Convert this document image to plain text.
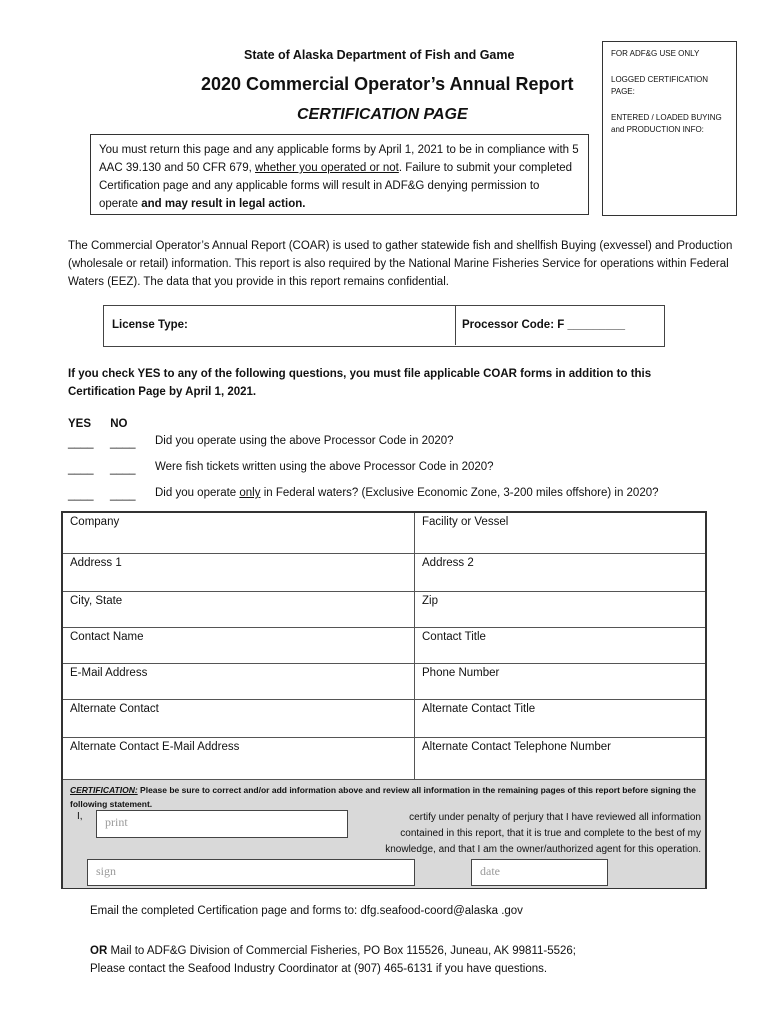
State of Alaska Department of Fish and Game
2020 Commercial Operator’s Annual Report
CERTIFICATION PAGE
FOR ADF&G USE ONLY
LOGGED CERTIFICATION PAGE:
ENTERED / LOADED BUYING and PRODUCTION INFO:
You must return this page and any applicable forms by April 1, 2021 to be in compliance with 5 AAC 39.130 and 50 CFR 679, whether you operated or not. Failure to submit your completed Certification page and any applicable forms will result in ADF&G denying permission to operate and may result in legal action.
The Commercial Operator’s Annual Report (COAR) is used to gather statewide fish and shellfish Buying (exvessel) and Production (wholesale or retail) information. This report is also required by the National Marine Fisheries Service for operations within Federal Waters (EEZ). The data that you provide in this report remains confidential.
License Type:	Processor Code: F _________
If you check YES to any of the following questions, you must file applicable COAR forms in addition to this Certification Page by April 1, 2021.
YES NO
____ ____ Did you operate using the above Processor Code in 2020?
____ ____ Were fish tickets written using the above Processor Code in 2020?
____ ____ Did you operate only in Federal waters? (Exclusive Economic Zone, 3-200 miles offshore) in 2020?
Company	Facility or Vessel
Address 1	Address 2
City, State	Zip
Contact Name	Contact Title
E-Mail Address	Phone Number
Alternate Contact	Alternate Contact Title
Alternate Contact E-Mail Address	Alternate Contact Telephone Number
CERTIFICATION: Please be sure to correct and/or add information above and review all information in the remaining pages of this report before signing the following statement.
I,	print	certify under penalty of perjury that I have reviewed all information
contained in this report, that it is true and complete to the best of my
knowledge, and that I am the owner/authorized agent for this operation.
sign	date
Email the completed Certification page and forms to: dfg.seafood-coord@alaska .gov
OR Mail to ADF&G Division of Commercial Fisheries, PO Box 115526, Juneau, AK 99811-5526;
Please contact the Seafood Industry Coordinator at (907) 465-6131 if you have questions.
